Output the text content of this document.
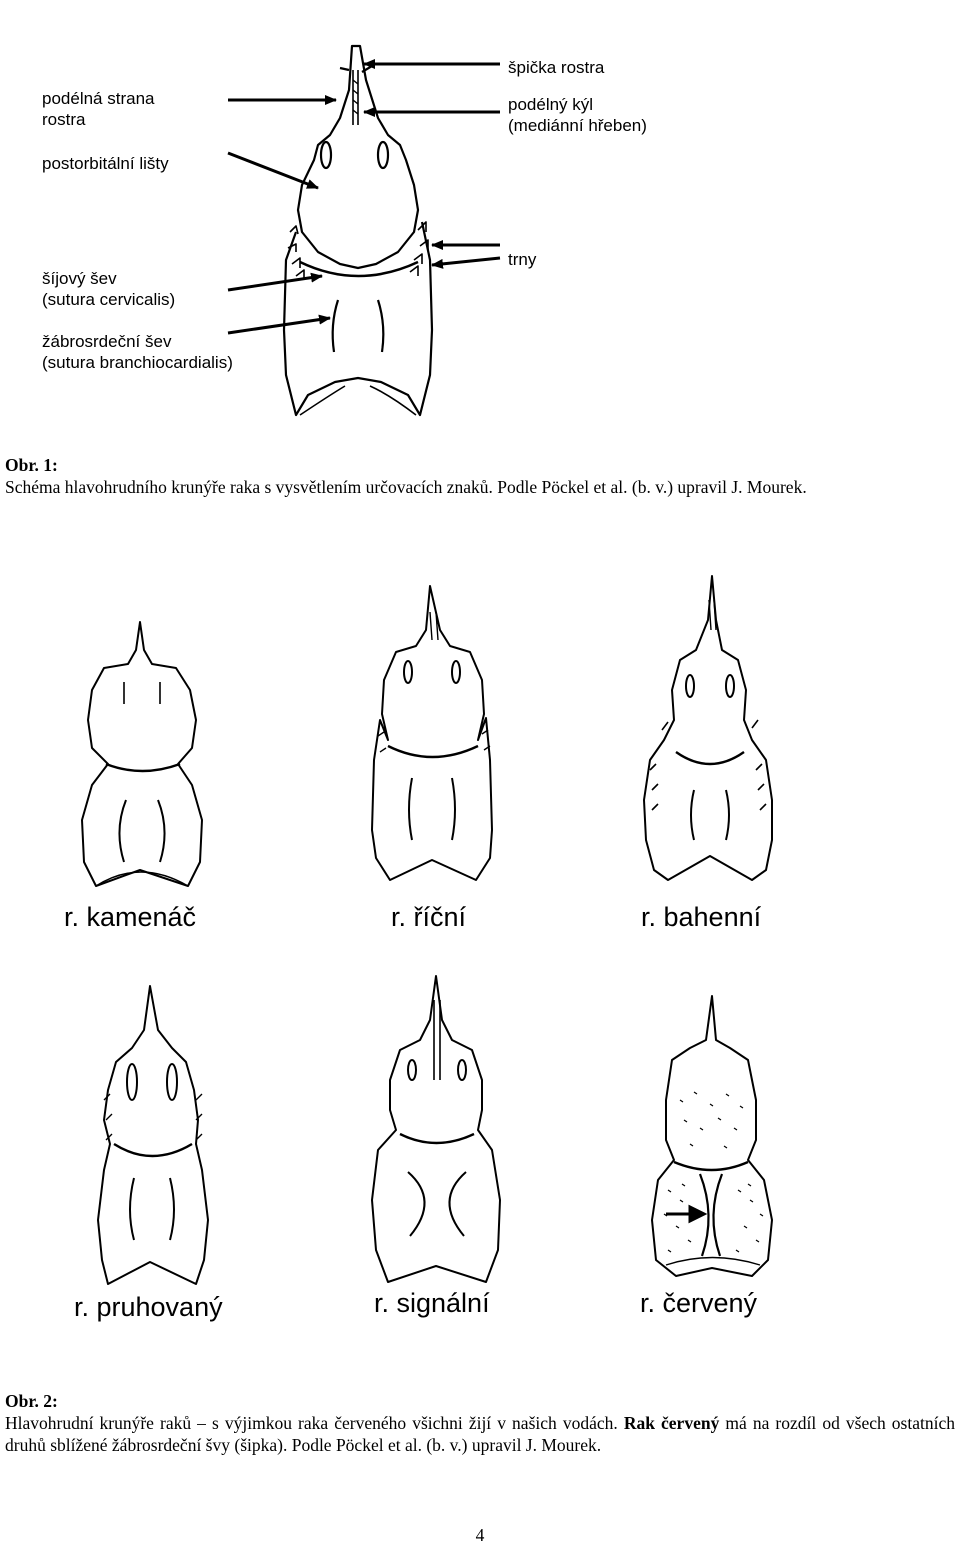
podélná strana
rostra
postorbitální lišty
šíjový šev
(sutura cervicalis)
žábrosrdeční šev
(sutura branchiocardialis)
špička rostra
podélný kýl
(mediánní hřeben)
trny
Obr. 1:
Schéma hlavohrudního krunýře raka s vysvětlením určovacích znaků. Podle Pöckel et al. (b. v.) upravil J. Mourek.
r. kamenáč	r. říční	r. bahenní
r. pruhovaný	r. signální	r. červený
Obr. 2:
Hlavohrudní krunýře raků – s výjimkou raka červeného všichni žijí v našich vodách. Rak červený má na rozdíl od všech ostatních druhů sblížené žábrosrdeční švy (šipka). Podle Pöckel et al. (b. v.) upravil J. Mourek.
4
